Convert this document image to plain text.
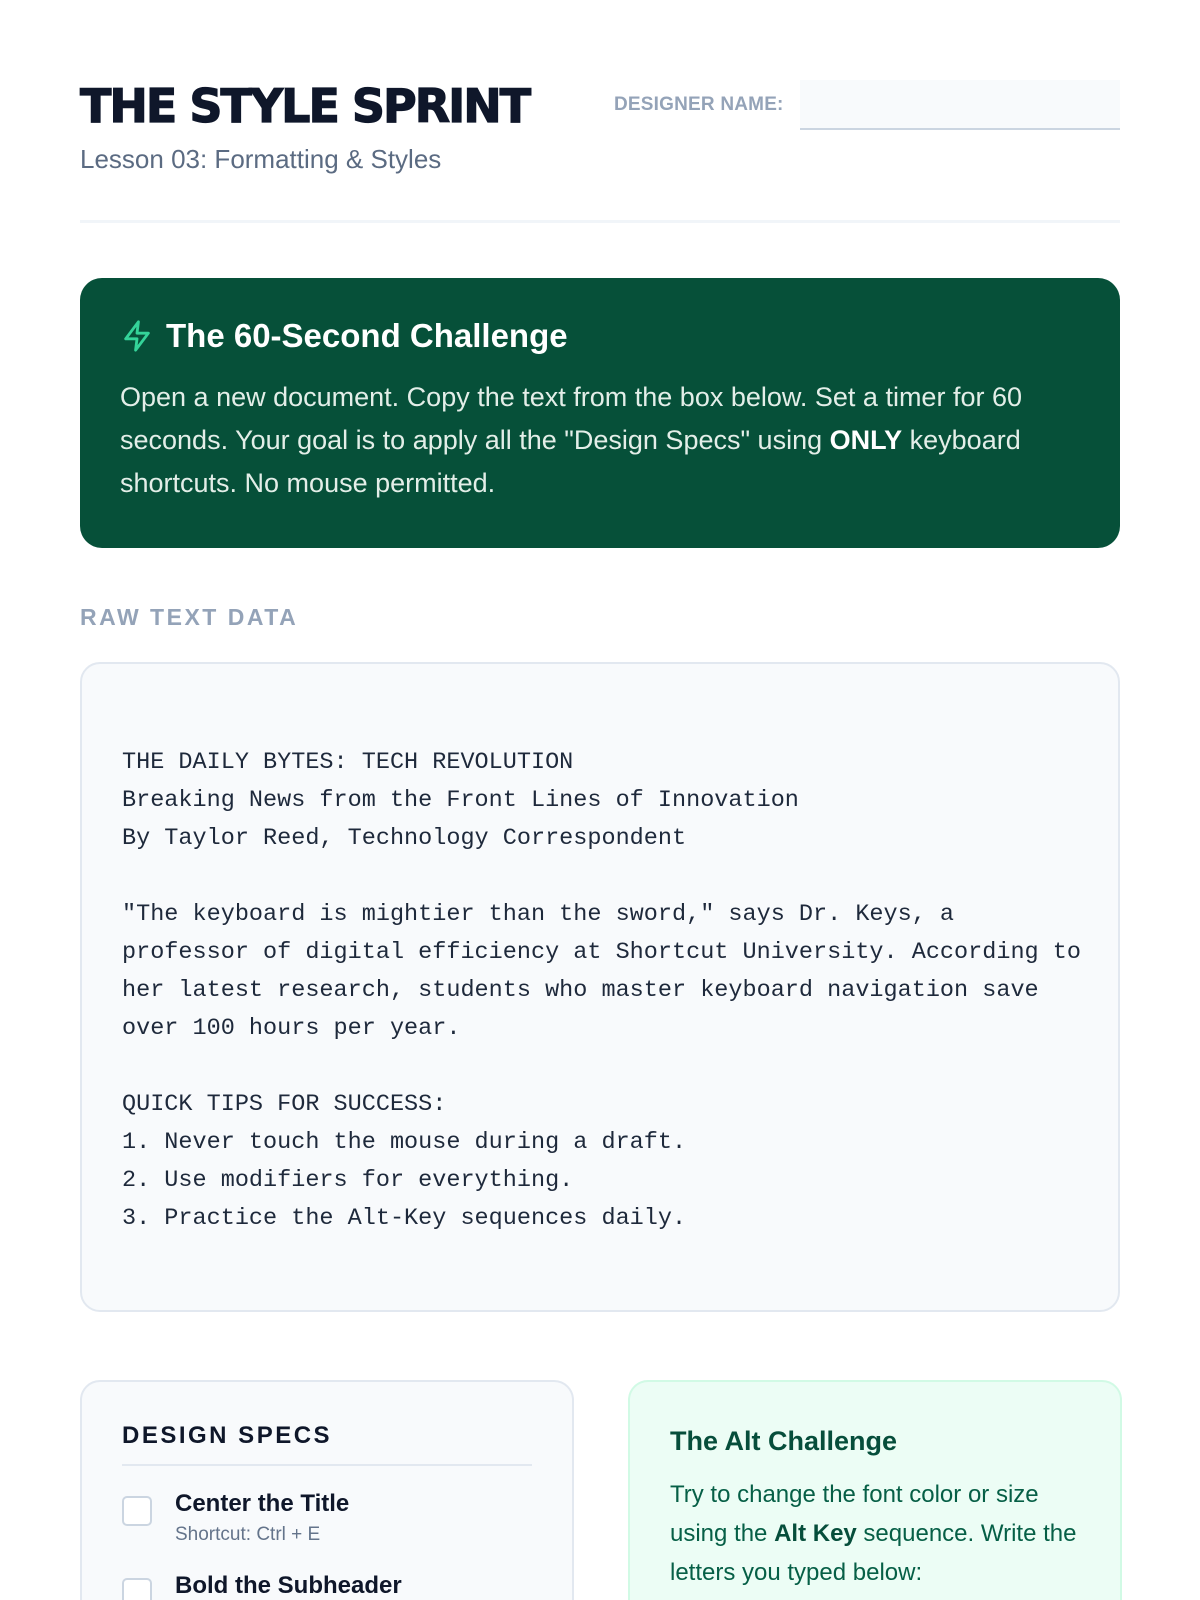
THE STYLE SPRINT
Lesson 03: Formatting & Styles
DESIGNER NAME:
The 60-Second Challenge
Open a new document. Copy the text from the box below. Set a timer for 60 seconds. Your goal is to apply all the "Design Specs" using ONLY keyboard shortcuts. No mouse permitted.
RAW TEXT DATA
THE DAILY BYTES: TECH REVOLUTION
Breaking News from the Front Lines of Innovation
By Taylor Reed, Technology Correspondent
"The keyboard is mightier than the sword," says Dr. Keys, a
professor of digital efficiency at Shortcut University. According to
her latest research, students who master keyboard navigation save
over 100 hours per year.
QUICK TIPS FOR SUCCESS:
1. Never touch the mouse during a draft.
2. Use modifiers for everything.
3. Practice the Alt-Key sequences daily.
DESIGN SPECS
Center the Title
Shortcut: Ctrl + E
Bold the Subheader
The Alt Challenge
Try to change the font color or size using the Alt Key sequence. Write the letters you typed below:
